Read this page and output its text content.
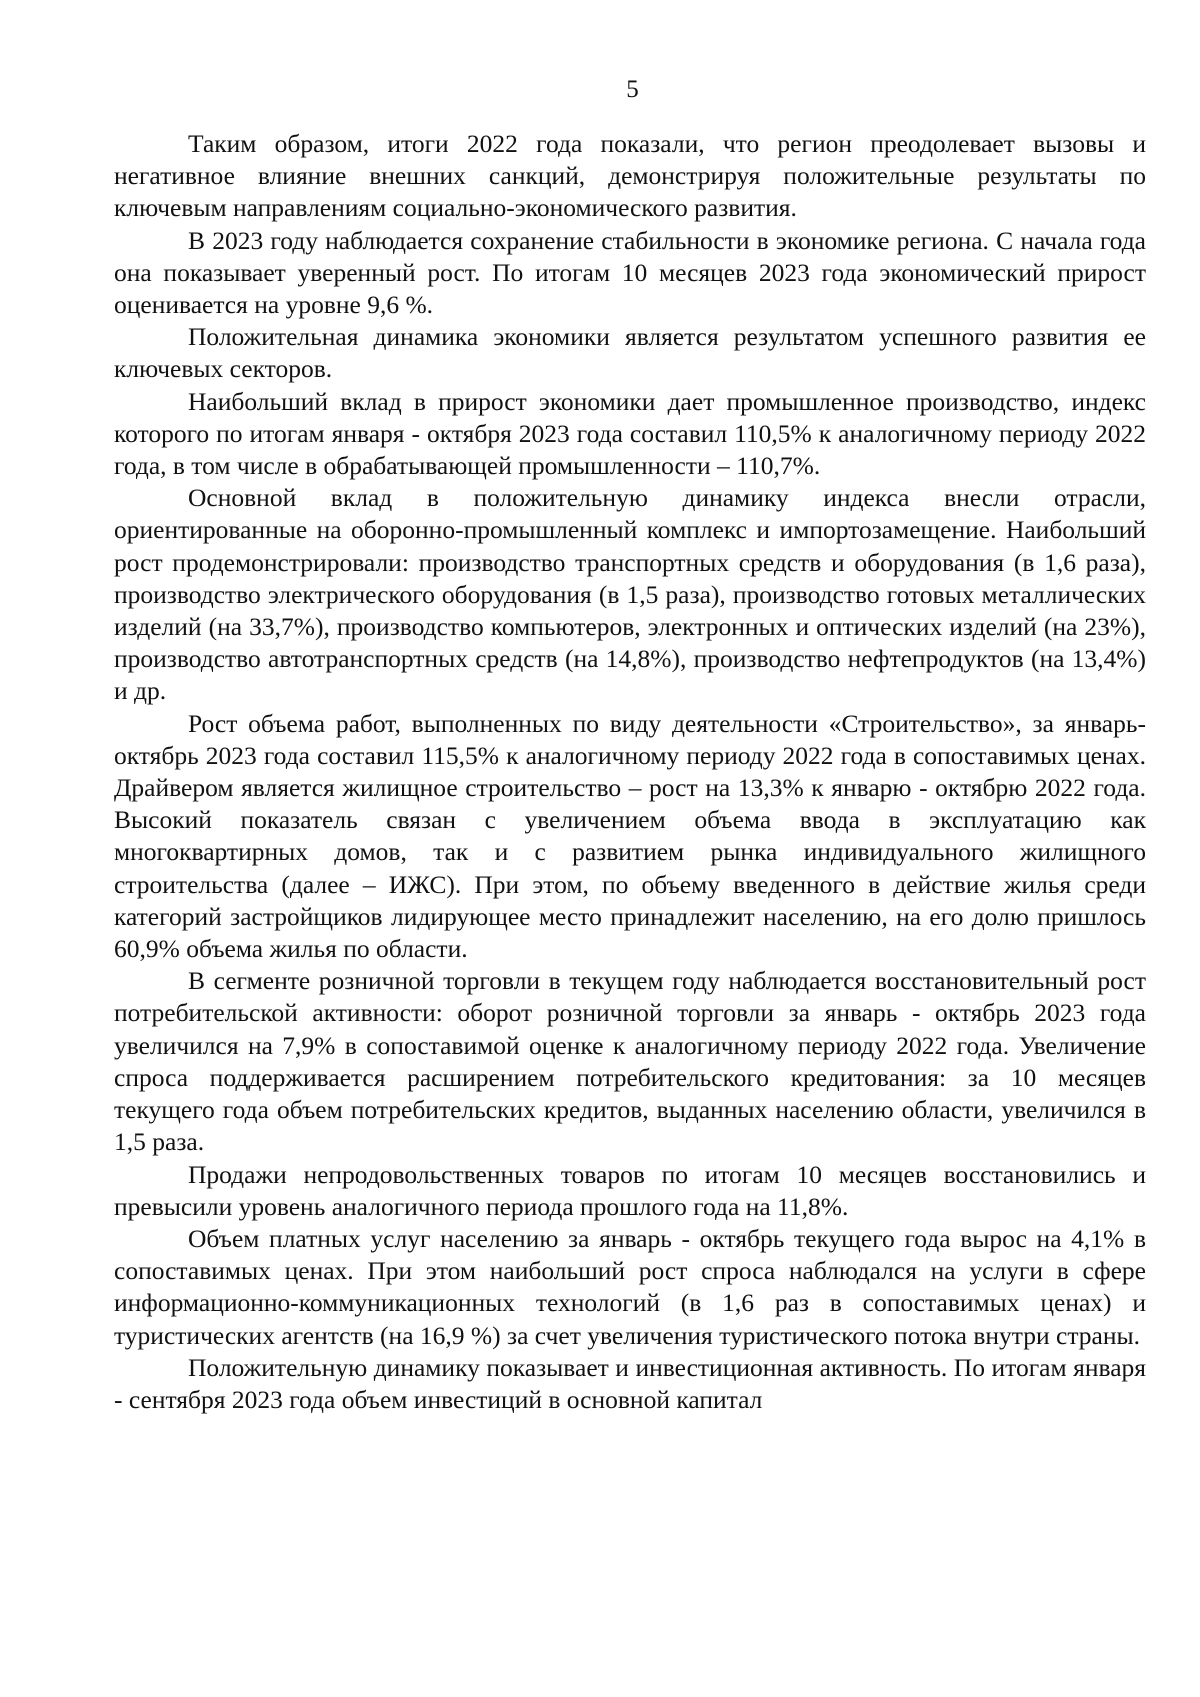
5

Таким образом, итоги 2022 года показали, что регион преодолевает вызовы и негативное влияние внешних санкций, демонстрируя положительные результаты по ключевым направлениям социально-экономического развития.

В 2023 году наблюдается сохранение стабильности в экономике региона. С начала года она показывает уверенный рост. По итогам 10 месяцев 2023 года экономический прирост оценивается на уровне 9,6 %.

Положительная динамика экономики является результатом успешного развития ее ключевых секторов.

Наибольший вклад в прирост экономики дает промышленное производство, индекс которого по итогам января - октября 2023 года составил 110,5% к аналогичному периоду 2022 года, в том числе в обрабатывающей промышленности – 110,7%.

Основной вклад в положительную динамику индекса внесли отрасли, ориентированные на оборонно-промышленный комплекс и импортозамещение. Наибольший рост продемонстрировали: производство транспортных средств и оборудования (в 1,6 раза), производство электрического оборудования (в 1,5 раза), производство готовых металлических изделий (на 33,7%), производство компьютеров, электронных и оптических изделий (на 23%), производство автотранспортных средств (на 14,8%), производство нефтепродуктов (на 13,4%) и др.

Рост объема работ, выполненных по виду деятельности «Строительство», за январь-октябрь 2023 года составил 115,5% к аналогичному периоду 2022 года в сопоставимых ценах. Драйвером является жилищное строительство – рост на 13,3% к январю - октябрю 2022 года. Высокий показатель связан с увеличением объема ввода в эксплуатацию как многоквартирных домов, так и с развитием рынка индивидуального жилищного строительства (далее – ИЖС). При этом, по объему введенного в действие жилья среди категорий застройщиков лидирующее место принадлежит населению, на его долю пришлось 60,9% объема жилья по области.

В сегменте розничной торговли в текущем году наблюдается восстановительный рост потребительской активности: оборот розничной торговли за январь - октябрь 2023 года увеличился на 7,9% в сопоставимой оценке к аналогичному периоду 2022 года. Увеличение спроса поддерживается расширением потребительского кредитования: за 10 месяцев текущего года объем потребительских кредитов, выданных населению области, увеличился в 1,5 раза.

Продажи непродовольственных товаров по итогам 10 месяцев восстановились и превысили уровень аналогичного периода прошлого года на 11,8%.

Объем платных услуг населению за январь - октябрь текущего года вырос на 4,1% в сопоставимых ценах. При этом наибольший рост спроса наблюдался на услуги в сфере информационно-коммуникационных технологий (в 1,6 раз в сопоставимых ценах) и туристических агентств (на 16,9 %) за счет увеличения туристического потока внутри страны.

Положительную динамику показывает и инвестиционная активность. По итогам января - сентября 2023 года объем инвестиций в основной капитал
